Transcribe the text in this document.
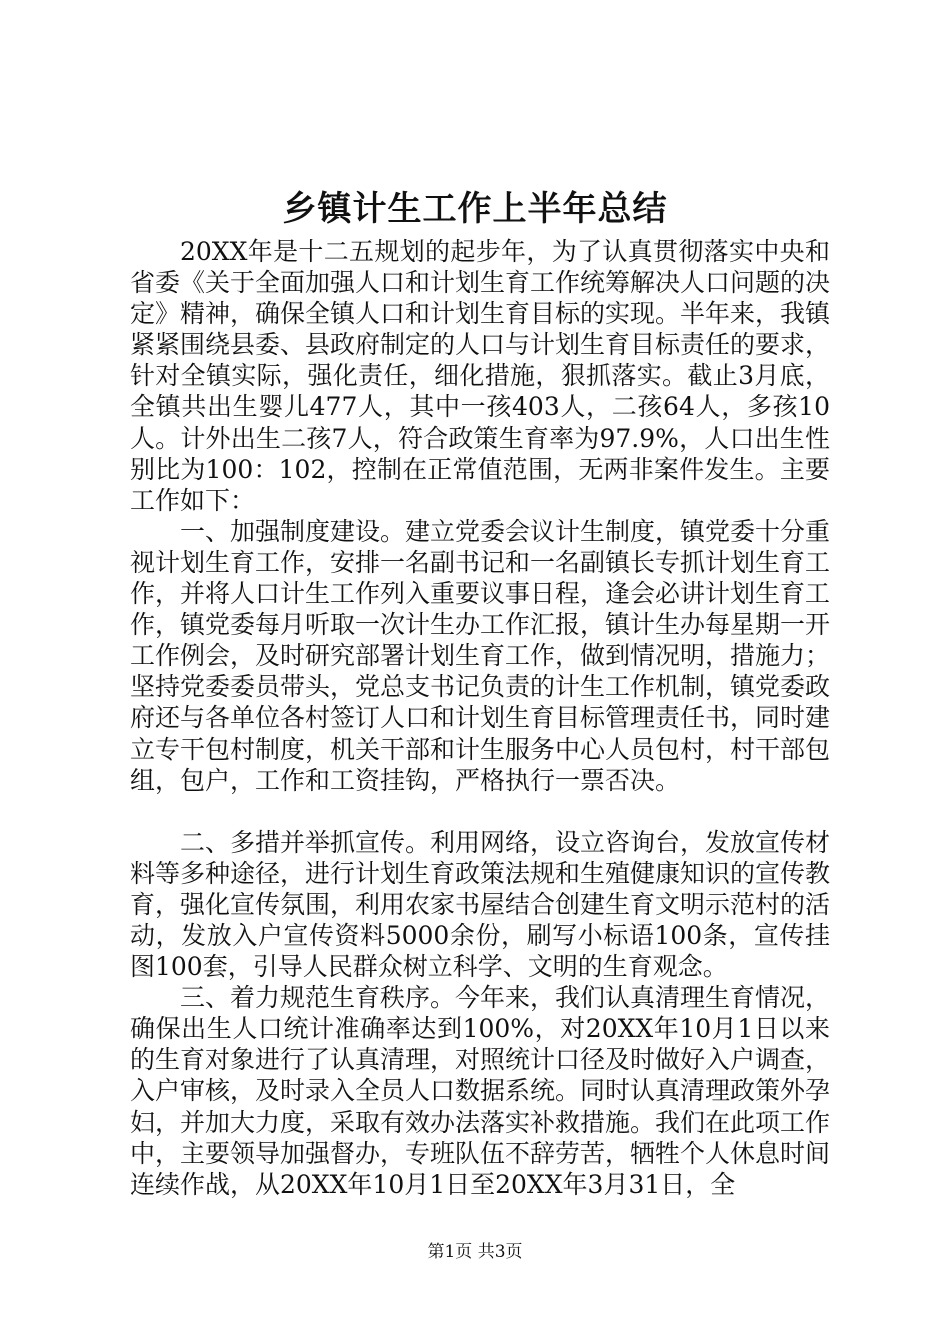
乡镇计生工作上半年总结

20XX年是十二五规划的起步年，为了认真贯彻落实中央和省委《关于全面加强人口和计划生育工作统筹解决人口问题的决定》精神，确保全镇人口和计划生育目标的实现。半年来，我镇紧紧围绕县委、县政府制定的人口与计划生育目标责任的要求，针对全镇实际，强化责任，细化措施，狠抓落实。截止3月底，全镇共出生婴儿477人，其中一孩403人，二孩64人，多孩10人。计外出生二孩7人，符合政策生育率为97.9%，人口出生性别比为100：102，控制在正常值范围，无两非案件发生。主要工作如下：

一、加强制度建设。建立党委会议计生制度，镇党委十分重视计划生育工作，安排一名副书记和一名副镇长专抓计划生育工作，并将人口计生工作列入重要议事日程，逢会必讲计划生育工作，镇党委每月听取一次计生办工作汇报，镇计生办每星期一开工作例会，及时研究部署计划生育工作，做到情况明，措施力；坚持党委委员带头，党总支书记负责的计生工作机制，镇党委政府还与各单位各村签订人口和计划生育目标管理责任书，同时建立专干包村制度，机关干部和计生服务中心人员包村，村干部包组，包户，工作和工资挂钩，严格执行一票否决。

二、多措并举抓宣传。利用网络，设立咨询台，发放宣传材料等多种途径，进行计划生育政策法规和生殖健康知识的宣传教育，强化宣传氛围，利用农家书屋结合创建生育文明示范村的活动，发放入户宣传资料5000余份，刷写小标语100条，宣传挂图100套，引导人民群众树立科学、文明的生育观念。

三、着力规范生育秩序。今年来，我们认真清理生育情况，确保出生人口统计准确率达到100%，对20XX年10月1日以来的生育对象进行了认真清理，对照统计口径及时做好入户调查，入户审核，及时录入全员人口数据系统。同时认真清理政策外孕妇，并加大力度，采取有效办法落实补救措施。我们在此项工作中，主要领导加强督办，专班队伍不辞劳苦，牺牲个人休息时间连续作战，从20XX年10月1日至20XX年3月31日，全

第1页 共3页
